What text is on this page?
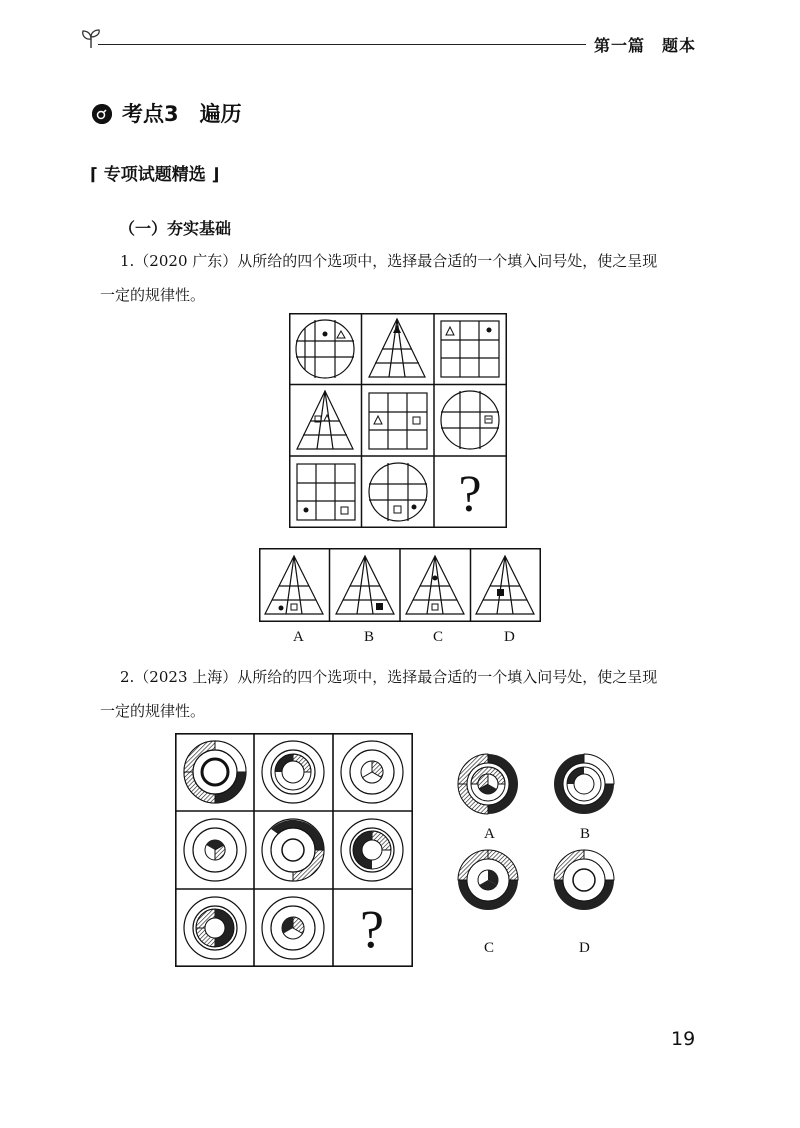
第一篇　题本
考点3　遍历
⌈ 专项试题精选 ⌋
（一）夯实基础
1.（2020 广东）从所给的四个选项中，选择最合适的一个填入问号处，使之呈现
一定的规律性。
?
A	B	C	D
2.（2023 上海）从所给的四个选项中，选择最合适的一个填入问号处，使之呈现
一定的规律性。
?
A	B
C	D
19
